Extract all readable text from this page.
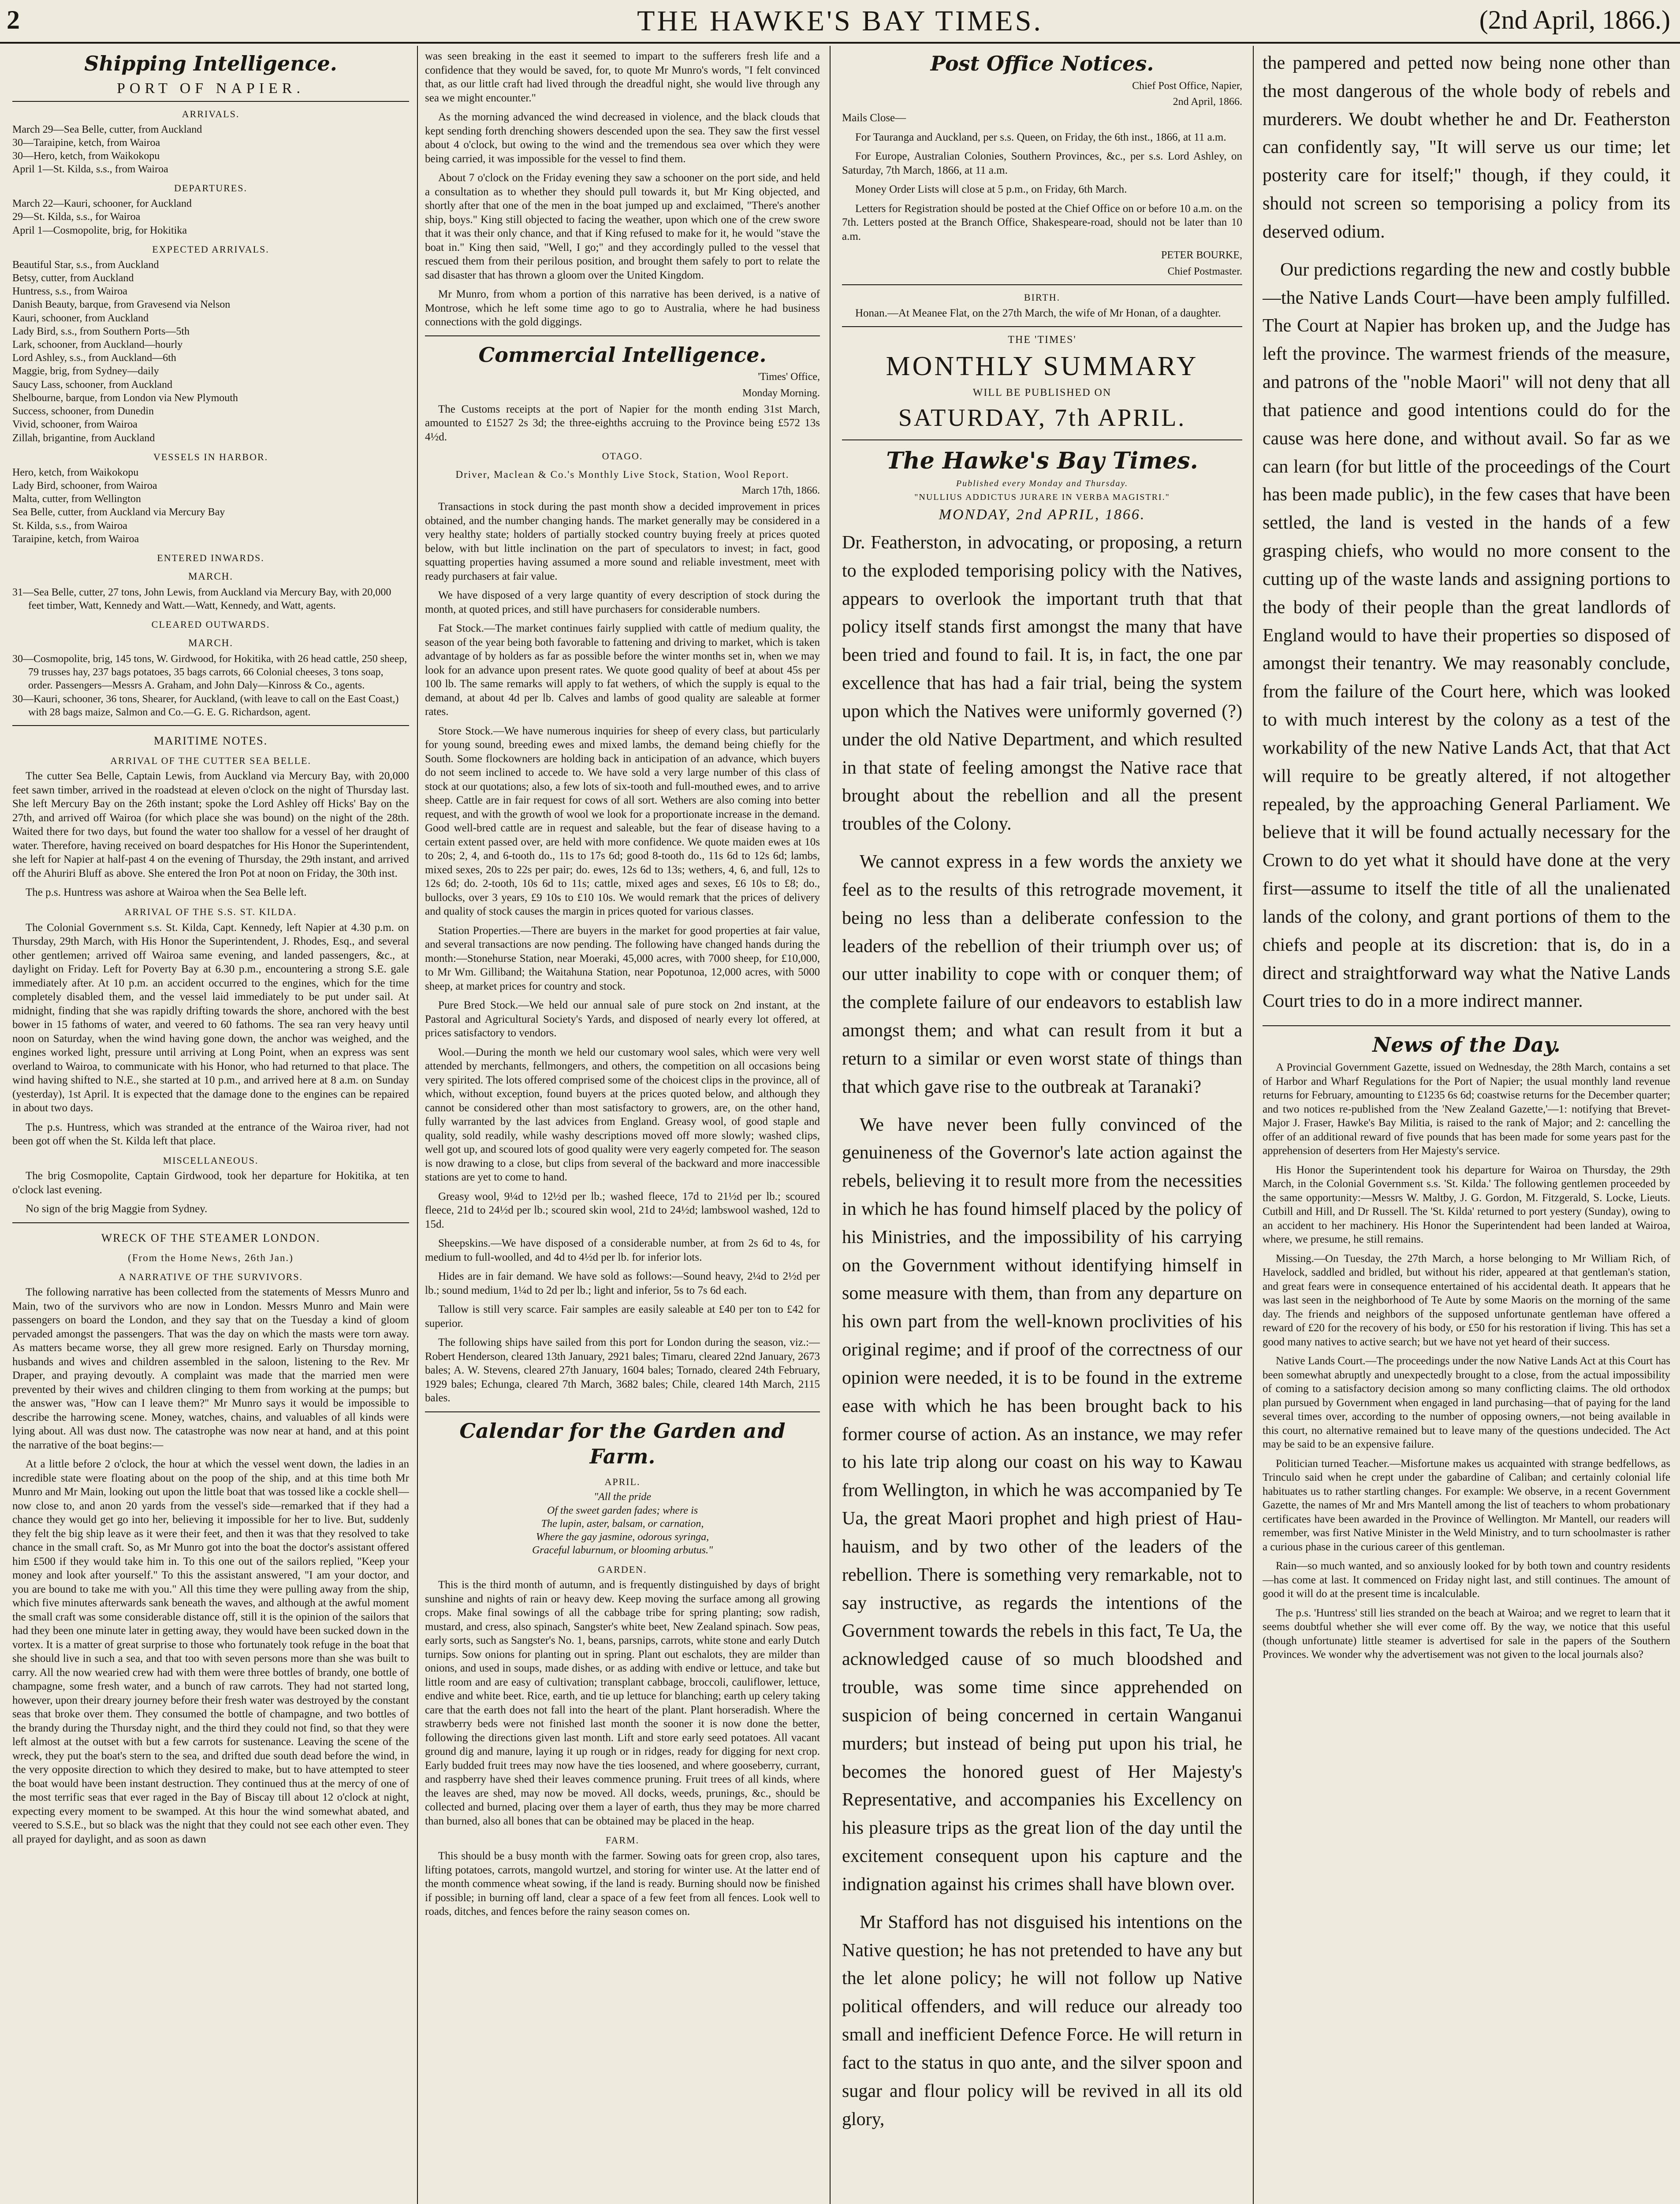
2	THE HAWKE'S BAY TIMES.	(2nd April, 1866.)
Shipping Intelligence.
PORT OF NAPIER.
ARRIVALS.

March 29—Sea Belle, cutter, from Auckland

30—Taraipine, ketch, from Wairoa

30—Hero, ketch, from Waikokopu

April 1—St. Kilda, s.s., from Wairoa

DEPARTURES.

March 22—Kauri, schooner, for Auckland

29—St. Kilda, s.s., for Wairoa

April 1—Cosmopolite, brig, for Hokitika

EXPECTED ARRIVALS.

Beautiful Star, s.s., from Auckland

Betsy, cutter, from Auckland

Huntress, s.s., from Wairoa

Danish Beauty, barque, from Gravesend via Nelson

Kauri, schooner, from Auckland

Lady Bird, s.s., from Southern Ports—5th

Lark, schooner, from Auckland—hourly

Lord Ashley, s.s., from Auckland—6th

Maggie, brig, from Sydney—daily

Saucy Lass, schooner, from Auckland

Shelbourne, barque, from London via New Plymouth

Success, schooner, from Dunedin

Vivid, schooner, from Wairoa

Zillah, brigantine, from Auckland

VESSELS IN HARBOR.

Hero, ketch, from Waikokopu

Lady Bird, schooner, from Wairoa

Malta, cutter, from Wellington

Sea Belle, cutter, from Auckland via Mercury Bay

St. Kilda, s.s., from Wairoa

Taraipine, ketch, from Wairoa

ENTERED INWARDS.
MARCH.

31—Sea Belle, cutter, 27 tons, John Lewis, from Auckland via Mercury Bay, with 20,000 feet timber, Watt, Kennedy and Watt.—Watt, Kennedy, and Watt, agents.

CLEARED OUTWARDS.
MARCH.

30—Cosmopolite, brig, 145 tons, W. Girdwood, for Hokitika, with 26 head cattle, 250 sheep, 79 trusses hay, 237 bags potatoes, 35 bags carrots, 66 Colonial cheeses, 3 tons soap, order. Passengers—Messrs A. Graham, and John Daly—Kinross & Co., agents.

30—Kauri, schooner, 36 tons, Shearer, for Auckland, (with leave to call on the East Coast,) with 28 bags maize, Salmon and Co.—G. E. G. Richardson, agent.

MARITIME NOTES.
ARRIVAL OF THE CUTTER SEA BELLE.

The cutter Sea Belle, Captain Lewis, from Auckland via Mercury Bay, with 20,000 feet sawn timber, arrived in the roadstead at eleven o'clock on the night of Thursday last. She left Mercury Bay on the 26th instant; spoke the Lord Ashley off Hicks' Bay on the 27th, and arrived off Wairoa (for which place she was bound) on the night of the 28th. Waited there for two days, but found the water too shallow for a vessel of her draught of water. Therefore, having received on board despatches for His Honor the Superintendent, she left for Napier at half-past 4 on the evening of Thursday, the 29th instant, and arrived off the Ahuriri Bluff as above. She entered the Iron Pot at noon on Friday, the 30th inst.

The p.s. Huntress was ashore at Wairoa when the Sea Belle left.

ARRIVAL OF THE S.S. ST. KILDA.

The Colonial Government s.s. St. Kilda, Capt. Kennedy, left Napier at 4.30 p.m. on Thursday, 29th March, with His Honor the Superintendent, J. Rhodes, Esq., and several other gentlemen; arrived off Wairoa same evening, and landed passengers, &c., at daylight on Friday. Left for Poverty Bay at 6.30 p.m., encountering a strong S.E. gale immediately after. At 10 p.m. an accident occurred to the engines, which for the time completely disabled them, and the vessel laid immediately to be put under sail. At midnight, finding that she was rapidly drifting towards the shore, anchored with the best bower in 15 fathoms of water, and veered to 60 fathoms. The sea ran very heavy until noon on Saturday, when the wind having gone down, the anchor was weighed, and the engines worked light, pressure until arriving at Long Point, when an express was sent overland to Wairoa, to communicate with his Honor, who had returned to that place. The wind having shifted to N.E., she started at 10 p.m., and arrived here at 8 a.m. on Sunday (yesterday), 1st April. It is expected that the damage done to the engines can be repaired in about two days.

The p.s. Huntress, which was stranded at the entrance of the Wairoa river, had not been got off when the St. Kilda left that place.

MISCELLANEOUS.

The brig Cosmopolite, Captain Girdwood, took her departure for Hokitika, at ten o'clock last evening.

No sign of the brig Maggie from Sydney.

WRECK OF THE STEAMER LONDON.
(From the Home News, 26th Jan.)
A NARRATIVE OF THE SURVIVORS.

The following narrative has been collected from the statements of Messrs Munro and Main, two of the survivors who are now in London. Messrs Munro and Main were passengers on board the London, and they say that on the Tuesday a kind of gloom pervaded amongst the passengers. That was the day on which the masts were torn away. As matters became worse, they all grew more resigned. Early on Thursday morning, husbands and wives and children assembled in the saloon, listening to the Rev. Mr Draper, and praying devoutly. A complaint was made that the married men were prevented by their wives and children clinging to them from working at the pumps; but the answer was, "How can I leave them?" Mr Munro says it would be impossible to describe the harrowing scene. Money, watches, chains, and valuables of all kinds were lying about. All was dust now. The catastrophe was now near at hand, and at this point the narrative of the boat begins:—

At a little before 2 o'clock, the hour at which the vessel went down, the ladies in an incredible state were floating about on the poop of the ship, and at this time both Mr Munro and Mr Main, looking out upon the little boat that was tossed like a cockle shell—now close to, and anon 20 yards from the vessel's side—remarked that if they had a chance they would get go into her, believing it impossible for her to live. But, suddenly they felt the big ship leave as it were their feet, and then it was that they resolved to take chance in the small craft. So, as Mr Munro got into the boat the doctor's assistant offered him £500 if they would take him in. To this one out of the sailors replied, "Keep your money and look after yourself." To this the assistant answered, "I am your doctor, and you are bound to take me with you." All this time they were pulling away from the ship, which five minutes afterwards sank beneath the waves, and although at the awful moment the small craft was some considerable distance off, still it is the opinion of the sailors that had they been one minute later in getting away, they would have been sucked down in the vortex. It is a matter of great surprise to those who fortunately took refuge in the boat that she should live in such a sea, and that too with seven persons more than she was built to carry. All the now wearied crew had with them were three bottles of brandy, one bottle of champagne, some fresh water, and a bunch of raw carrots. They had not started long, however, upon their dreary journey before their fresh water was destroyed by the constant seas that broke over them. They consumed the bottle of champagne, and two bottles of the brandy during the Thursday night, and the third they could not find, so that they were left almost at the outset with but a few carrots for sustenance. Leaving the scene of the wreck, they put the boat's stern to the sea, and drifted due south dead before the wind, in the very opposite direction to which they desired to make, but to have attempted to steer the boat would have been instant destruction. They continued thus at the mercy of one of the most terrific seas that ever raged in the Bay of Biscay till about 12 o'clock at night, expecting every moment to be swamped. At this hour the wind somewhat abated, and veered to S.S.E., but so black was the night that they could not see each other even. They all prayed for daylight, and as soon as dawn

was seen breaking in the east it seemed to impart to the sufferers fresh life and a confidence that they would be saved, for, to quote Mr Munro's words, "I felt convinced that, as our little craft had lived through the dreadful night, she would live through any sea we might encounter."

As the morning advanced the wind decreased in violence, and the black clouds that kept sending forth drenching showers descended upon the sea. They saw the first vessel about 4 o'clock, but owing to the wind and the tremendous sea over which they were being carried, it was impossible for the vessel to find them.

About 7 o'clock on the Friday evening they saw a schooner on the port side, and held a consultation as to whether they should pull towards it, but Mr King objected, and shortly after that one of the men in the boat jumped up and exclaimed, "There's another ship, boys." King still objected to facing the weather, upon which one of the crew swore that it was their only chance, and that if King refused to make for it, he would "stave the boat in." King then said, "Well, I go;" and they accordingly pulled to the vessel that rescued them from their perilous position, and brought them safely to port to relate the sad disaster that has thrown a gloom over the United Kingdom.

Mr Munro, from whom a portion of this narrative has been derived, is a native of Montrose, which he left some time ago to go to Australia, where he had business connections with the gold diggings.

Commercial Intelligence.

'Times' Office,

Monday Morning.

The Customs receipts at the port of Napier for the month ending 31st March, amounted to £1527 2s 3d; the three-eighths accruing to the Province being £572 13s 4½d.

OTAGO.
Driver, Maclean & Co.'s Monthly Live Stock, Station, Wool Report.

March 17th, 1866.

Transactions in stock during the past month show a decided improvement in prices obtained, and the number changing hands. The market generally may be considered in a very healthy state; holders of partially stocked country buying freely at prices quoted below, with but little inclination on the part of speculators to invest; in fact, good squatting properties having assumed a more sound and reliable investment, meet with ready purchasers at fair value.

We have disposed of a very large quantity of every description of stock during the month, at quoted prices, and still have purchasers for considerable numbers.

Fat Stock.—The market continues fairly supplied with cattle of medium quality, the season of the year being both favorable to fattening and driving to market, which is taken advantage of by holders as far as possible before the winter months set in, when we may look for an advance upon present rates. We quote good quality of beef at about 45s per 100 lb. The same remarks will apply to fat wethers, of which the supply is equal to the demand, at about 4d per lb. Calves and lambs of good quality are saleable at former rates.

Store Stock.—We have numerous inquiries for sheep of every class, but particularly for young sound, breeding ewes and mixed lambs, the demand being chiefly for the South. Some flockowners are holding back in anticipation of an advance, which buyers do not seem inclined to accede to. We have sold a very large number of this class of stock at our quotations; also, a few lots of six-tooth and full-mouthed ewes, and to arrive sheep. Cattle are in fair request for cows of all sort. Wethers are also coming into better request, and with the growth of wool we look for a proportionate increase in the demand. Good well-bred cattle are in request and saleable, but the fear of disease having to a certain extent passed over, are held with more confidence. We quote maiden ewes at 10s to 20s; 2, 4, and 6-tooth do., 11s to 17s 6d; good 8-tooth do., 11s 6d to 12s 6d; lambs, mixed sexes, 20s to 22s per pair; do. ewes, 12s 6d to 13s; wethers, 4, 6, and full, 12s to 12s 6d; do. 2-tooth, 10s 6d to 11s; cattle, mixed ages and sexes, £6 10s to £8; do., bullocks, over 3 years, £9 10s to £10 10s. We would remark that the prices of delivery and quality of stock causes the margin in prices quoted for various classes.

Station Properties.—There are buyers in the market for good properties at fair value, and several transactions are now pending. The following have changed hands during the month:—Stonehurse Station, near Moeraki, 45,000 acres, with 7000 sheep, for £10,000, to Mr Wm. Gilliband; the Waitahuna Station, near Popotunoa, 12,000 acres, with 5000 sheep, at market prices for country and stock.

Pure Bred Stock.—We held our annual sale of pure stock on 2nd instant, at the Pastoral and Agricultural Society's Yards, and disposed of nearly every lot offered, at prices satisfactory to vendors.

Wool.—During the month we held our customary wool sales, which were very well attended by merchants, fellmongers, and others, the competition on all occasions being very spirited. The lots offered comprised some of the choicest clips in the province, all of which, without exception, found buyers at the prices quoted below, and although they cannot be considered other than most satisfactory to growers, are, on the other hand, fully warranted by the last advices from England. Greasy wool, of good staple and quality, sold readily, while washy descriptions moved off more slowly; washed clips, well got up, and scoured lots of good quality were very eagerly competed for. The season is now drawing to a close, but clips from several of the backward and more inaccessible stations are yet to come to hand.

Greasy wool, 9¼d to 12½d per lb.; washed fleece, 17d to 21½d per lb.; scoured fleece, 21d to 24½d per lb.; scoured skin wool, 21d to 24½d; lambswool washed, 12d to 15d.

Sheepskins.—We have disposed of a considerable number, at from 2s 6d to 4s, for medium to full-woolled, and 4d to 4½d per lb. for inferior lots.

Hides are in fair demand. We have sold as follows:—Sound heavy, 2¼d to 2½d per lb.; sound medium, 1¼d to 2d per lb.; light and inferior, 5s to 7s 6d each.

Tallow is still very scarce. Fair samples are easily saleable at £40 per ton to £42 for superior.

The following ships have sailed from this port for London during the season, viz.:—Robert Henderson, cleared 13th January, 2921 bales; Timaru, cleared 22nd January, 2673 bales; A. W. Stevens, cleared 27th January, 1604 bales; Tornado, cleared 24th February, 1929 bales; Echunga, cleared 7th March, 3682 bales; Chile, cleared 14th March, 2115 bales.

Calendar for the Garden and Farm.
APRIL.

"All the pride

Of the sweet garden fades; where is

The lupin, aster, balsam, or carnation,

Where the gay jasmine, odorous syringa,

Graceful laburnum, or blooming arbutus."

GARDEN.

This is the third month of autumn, and is frequently distinguished by days of bright sunshine and nights of rain or heavy dew. Keep moving the surface among all growing crops. Make final sowings of all the cabbage tribe for spring planting; sow radish, mustard, and cress, also spinach, Sangster's white beet, New Zealand spinach. Sow peas, early sorts, such as Sangster's No. 1, beans, parsnips, carrots, white stone and early Dutch turnips. Sow onions for planting out in spring. Plant out eschalots, they are milder than onions, and used in soups, made dishes, or as adding with endive or lettuce, and take but little room and are easy of cultivation; transplant cabbage, broccoli, cauliflower, lettuce, endive and white beet. Rice, earth, and tie up lettuce for blanching; earth up celery taking care that the earth does not fall into the heart of the plant. Plant horseradish. Where the strawberry beds were not finished last month the sooner it is now done the better, following the directions given last month. Lift and store early seed potatoes. All vacant ground dig and manure, laying it up rough or in ridges, ready for digging for next crop. Early budded fruit trees may now have the ties loosened, and where gooseberry, currant, and raspberry have shed their leaves commence pruning. Fruit trees of all kinds, where the leaves are shed, may now be moved. All docks, weeds, prunings, &c., should be collected and burned, placing over them a layer of earth, thus they may be more charred than burned, also all bones that can be obtained may be placed in the heap.

FARM.

This should be a busy month with the farmer. Sowing oats for green crop, also tares, lifting potatoes, carrots, mangold wurtzel, and storing for winter use. At the latter end of the month commence wheat sowing, if the land is ready. Burning should now be finished if possible; in burning off land, clear a space of a few feet from all fences. Look well to roads, ditches, and fences before the rainy season comes on.

Post Office Notices.

Chief Post Office, Napier,

2nd April, 1866.

Mails Close—

For Tauranga and Auckland, per s.s. Queen, on Friday, the 6th inst., 1866, at 11 a.m.

For Europe, Australian Colonies, Southern Provinces, &c., per s.s. Lord Ashley, on Saturday, 7th March, 1866, at 11 a.m.

Money Order Lists will close at 5 p.m., on Friday, 6th March.

Letters for Registration should be posted at the Chief Office on or before 10 a.m. on the 7th. Letters posted at the Branch Office, Shakespeare-road, should not be later than 10 a.m.

PETER BOURKE,

Chief Postmaster.

BIRTH.

Honan.—At Meanee Flat, on the 27th March, the wife of Mr Honan, of a daughter.

THE 'TIMES'
MONTHLY SUMMARY
WILL BE PUBLISHED ON
SATURDAY, 7th APRIL.
The Hawke's Bay Times.
Published every Monday and Thursday.
"NULLIUS ADDICTUS JURARE IN VERBA MAGISTRI."
MONDAY, 2nd APRIL, 1866.

Dr. Featherston, in advocating, or proposing, a return to the exploded temporising policy with the Natives, appears to overlook the important truth that that policy itself stands first amongst the many that have been tried and found to fail. It is, in fact, the one par excellence that has had a fair trial, being the system upon which the Natives were uniformly governed (?) under the old Native Department, and which resulted in that state of feeling amongst the Native race that brought about the rebellion and all the present troubles of the Colony.

We cannot express in a few words the anxiety we feel as to the results of this retrograde movement, it being no less than a deliberate confession to the leaders of the rebellion of their triumph over us; of our utter inability to cope with or conquer them; of the complete failure of our endeavors to establish law amongst them; and what can result from it but a return to a similar or even worst state of things than that which gave rise to the outbreak at Taranaki?

We have never been fully convinced of the genuineness of the Governor's late action against the rebels, believing it to result more from the necessities in which he has found himself placed by the policy of his Ministries, and the impossibility of his carrying on the Government without identifying himself in some measure with them, than from any departure on his own part from the well-known proclivities of his original regime; and if proof of the correctness of our opinion were needed, it is to be found in the extreme ease with which he has been brought back to his former course of action. As an instance, we may refer to his late trip along our coast on his way to Kawau from Wellington, in which he was accompanied by Te Ua, the great Maori prophet and high priest of Hau-hauism, and by two other of the leaders of the rebellion. There is something very remarkable, not to say instructive, as regards the intentions of the Government towards the rebels in this fact, Te Ua, the acknowledged cause of so much bloodshed and trouble, was some time since apprehended on suspicion of being concerned in certain Wanganui murders; but instead of being put upon his trial, he becomes the honored guest of Her Majesty's Representative, and accompanies his Excellency on his pleasure trips as the great lion of the day until the excitement consequent upon his capture and the indignation against his crimes shall have blown over.

Mr Stafford has not disguised his intentions on the Native question; he has not pretended to have any but the let alone policy; he will not follow up Native political offenders, and will reduce our already too small and inefficient Defence Force. He will return in fact to the status in quo ante, and the silver spoon and sugar and flour policy will be revived in all its old glory,

the pampered and petted now being none other than the most dangerous of the whole body of rebels and murderers. We doubt whether he and Dr. Featherston can confidently say, "It will serve us our time; let posterity care for itself;" though, if they could, it should not screen so temporising a policy from its deserved odium.

Our predictions regarding the new and costly bubble—the Native Lands Court—have been amply fulfilled. The Court at Napier has broken up, and the Judge has left the province. The warmest friends of the measure, and patrons of the "noble Maori" will not deny that all that patience and good intentions could do for the cause was here done, and without avail. So far as we can learn (for but little of the proceedings of the Court has been made public), in the few cases that have been settled, the land is vested in the hands of a few grasping chiefs, who would no more consent to the cutting up of the waste lands and assigning portions to the body of their people than the great landlords of England would to have their properties so disposed of amongst their tenantry. We may reasonably conclude, from the failure of the Court here, which was looked to with much interest by the colony as a test of the workability of the new Native Lands Act, that that Act will require to be greatly altered, if not altogether repealed, by the approaching General Parliament. We believe that it will be found actually necessary for the Crown to do yet what it should have done at the very first—assume to itself the title of all the unalienated lands of the colony, and grant portions of them to the chiefs and people at its discretion: that is, do in a direct and straightforward way what the Native Lands Court tries to do in a more indirect manner.

News of the Day.

A Provincial Government Gazette, issued on Wednesday, the 28th March, contains a set of Harbor and Wharf Regulations for the Port of Napier; the usual monthly land revenue returns for February, amounting to £1235 6s 6d; coastwise returns for the December quarter; and two notices re-published from the 'New Zealand Gazette,'—1: notifying that Brevet-Major J. Fraser, Hawke's Bay Militia, is raised to the rank of Major; and 2: cancelling the offer of an additional reward of five pounds that has been made for some years past for the apprehension of deserters from Her Majesty's service.

His Honor the Superintendent took his departure for Wairoa on Thursday, the 29th March, in the Colonial Government s.s. 'St. Kilda.' The following gentlemen proceeded by the same opportunity:—Messrs W. Maltby, J. G. Gordon, M. Fitzgerald, S. Locke, Lieuts. Cutbill and Hill, and Dr Russell. The 'St. Kilda' returned to port yestery (Sunday), owing to an accident to her machinery. His Honor the Superintendent had been landed at Wairoa, where, we presume, he still remains.

Missing.—On Tuesday, the 27th March, a horse belonging to Mr William Rich, of Havelock, saddled and bridled, but without his rider, appeared at that gentleman's station, and great fears were in consequence entertained of his accidental death. It appears that he was last seen in the neighborhood of Te Aute by some Maoris on the morning of the same day. The friends and neighbors of the supposed unfortunate gentleman have offered a reward of £20 for the recovery of his body, or £50 for his restoration if living. This has set a good many natives to active search; but we have not yet heard of their success.

Native Lands Court.—The proceedings under the now Native Lands Act at this Court has been somewhat abruptly and unexpectedly brought to a close, from the actual impossibility of coming to a satisfactory decision among so many conflicting claims. The old orthodox plan pursued by Government when engaged in land purchasing—that of paying for the land several times over, according to the number of opposing owners,—not being available in this court, no alternative remained but to leave many of the questions undecided. The Act may be said to be an expensive failure.

Politician turned Teacher.—Misfortune makes us acquainted with strange bedfellows, as Trinculo said when he crept under the gabardine of Caliban; and certainly colonial life habituates us to rather startling changes. For example: We observe, in a recent Government Gazette, the names of Mr and Mrs Mantell among the list of teachers to whom probationary certificates have been awarded in the Province of Wellington. Mr Mantell, our readers will remember, was first Native Minister in the Weld Ministry, and to turn schoolmaster is rather a curious phase in the curious career of this gentleman.

Rain—so much wanted, and so anxiously looked for by both town and country residents—has come at last. It commenced on Friday night last, and still continues. The amount of good it will do at the present time is incalculable.

The p.s. 'Huntress' still lies stranded on the beach at Wairoa; and we regret to learn that it seems doubtful whether she will ever come off. By the way, we notice that this useful (though unfortunate) little steamer is advertised for sale in the papers of the Southern Provinces. We wonder why the advertisement was not given to the local journals also?
